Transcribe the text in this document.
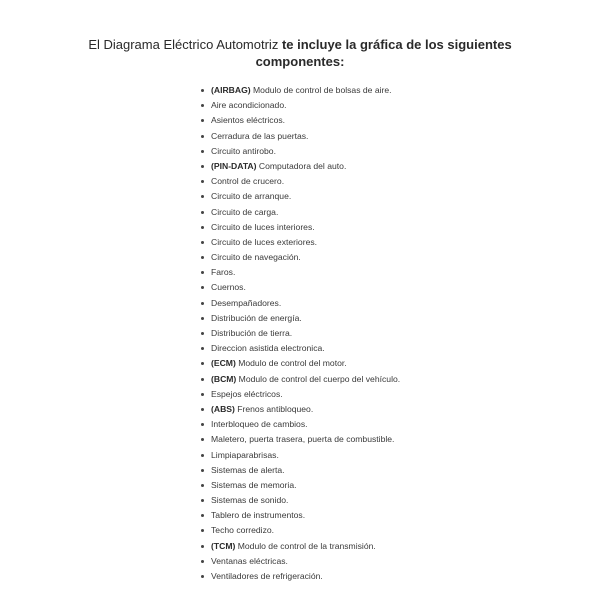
El Diagrama Eléctrico Automotriz te incluye la gráfica de los siguientes
componentes:
(AIRBAG) Modulo de control de bolsas de aire.
Aire acondicionado.
Asientos eléctricos.
Cerradura de las puertas.
Circuito antirobo.
(PIN-DATA) Computadora del auto.
Control de crucero.
Circuito de arranque.
Circuito de carga.
Circuito de luces interiores.
Circuito de luces exteriores.
Circuito de navegación.
Faros.
Cuernos.
Desempañadores.
Distribución de energía.
Distribución de tierra.
Direccion asistida electronica.
(ECM) Modulo de control del motor.
(BCM) Modulo de control del cuerpo del vehículo.
Espejos eléctricos.
(ABS) Frenos antibloqueo.
Interbloqueo de cambios.
Maletero, puerta trasera, puerta de combustible.
Limpiaparabrisas.
Sistemas de alerta.
Sistemas de memoria.
Sistemas de sonido.
Tablero de instrumentos.
Techo corredizo.
(TCM) Modulo de control de la transmisión.
Ventanas eléctricas.
Ventiladores de refrigeración.
